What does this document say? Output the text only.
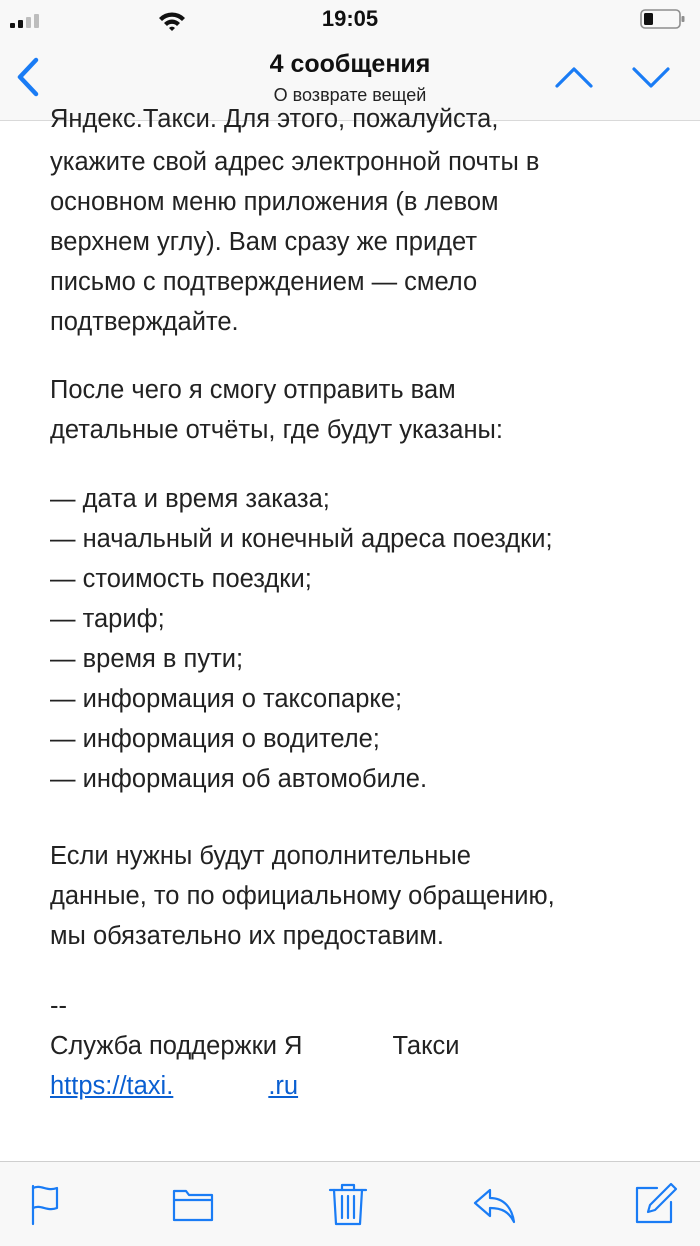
19:05
4 сообщения
О возврате вещей
Яндекс.Такси. Для этого, пожалуйста,
укажите свой адрес электронной почты в
основном меню приложения (в левом
верхнем углу). Вам сразу же придет
письмо с подтверждением — смело
подтверждайте.
После чего я смогу отправить вам
детальные отчёты, где будут указаны:
— дата и время заказа;
— начальный и конечный адреса поездки;
— стоимость поездки;
— тариф;
— время в пути;
— информация о таксопарке;
— информация о водителе;
— информация об автомобиле.
Если нужны будут дополнительные
данные, то по официальному обращению,
мы обязательно их предоставим.
--
Служба поддержки Я	Такси
https://taxi.	.ru
